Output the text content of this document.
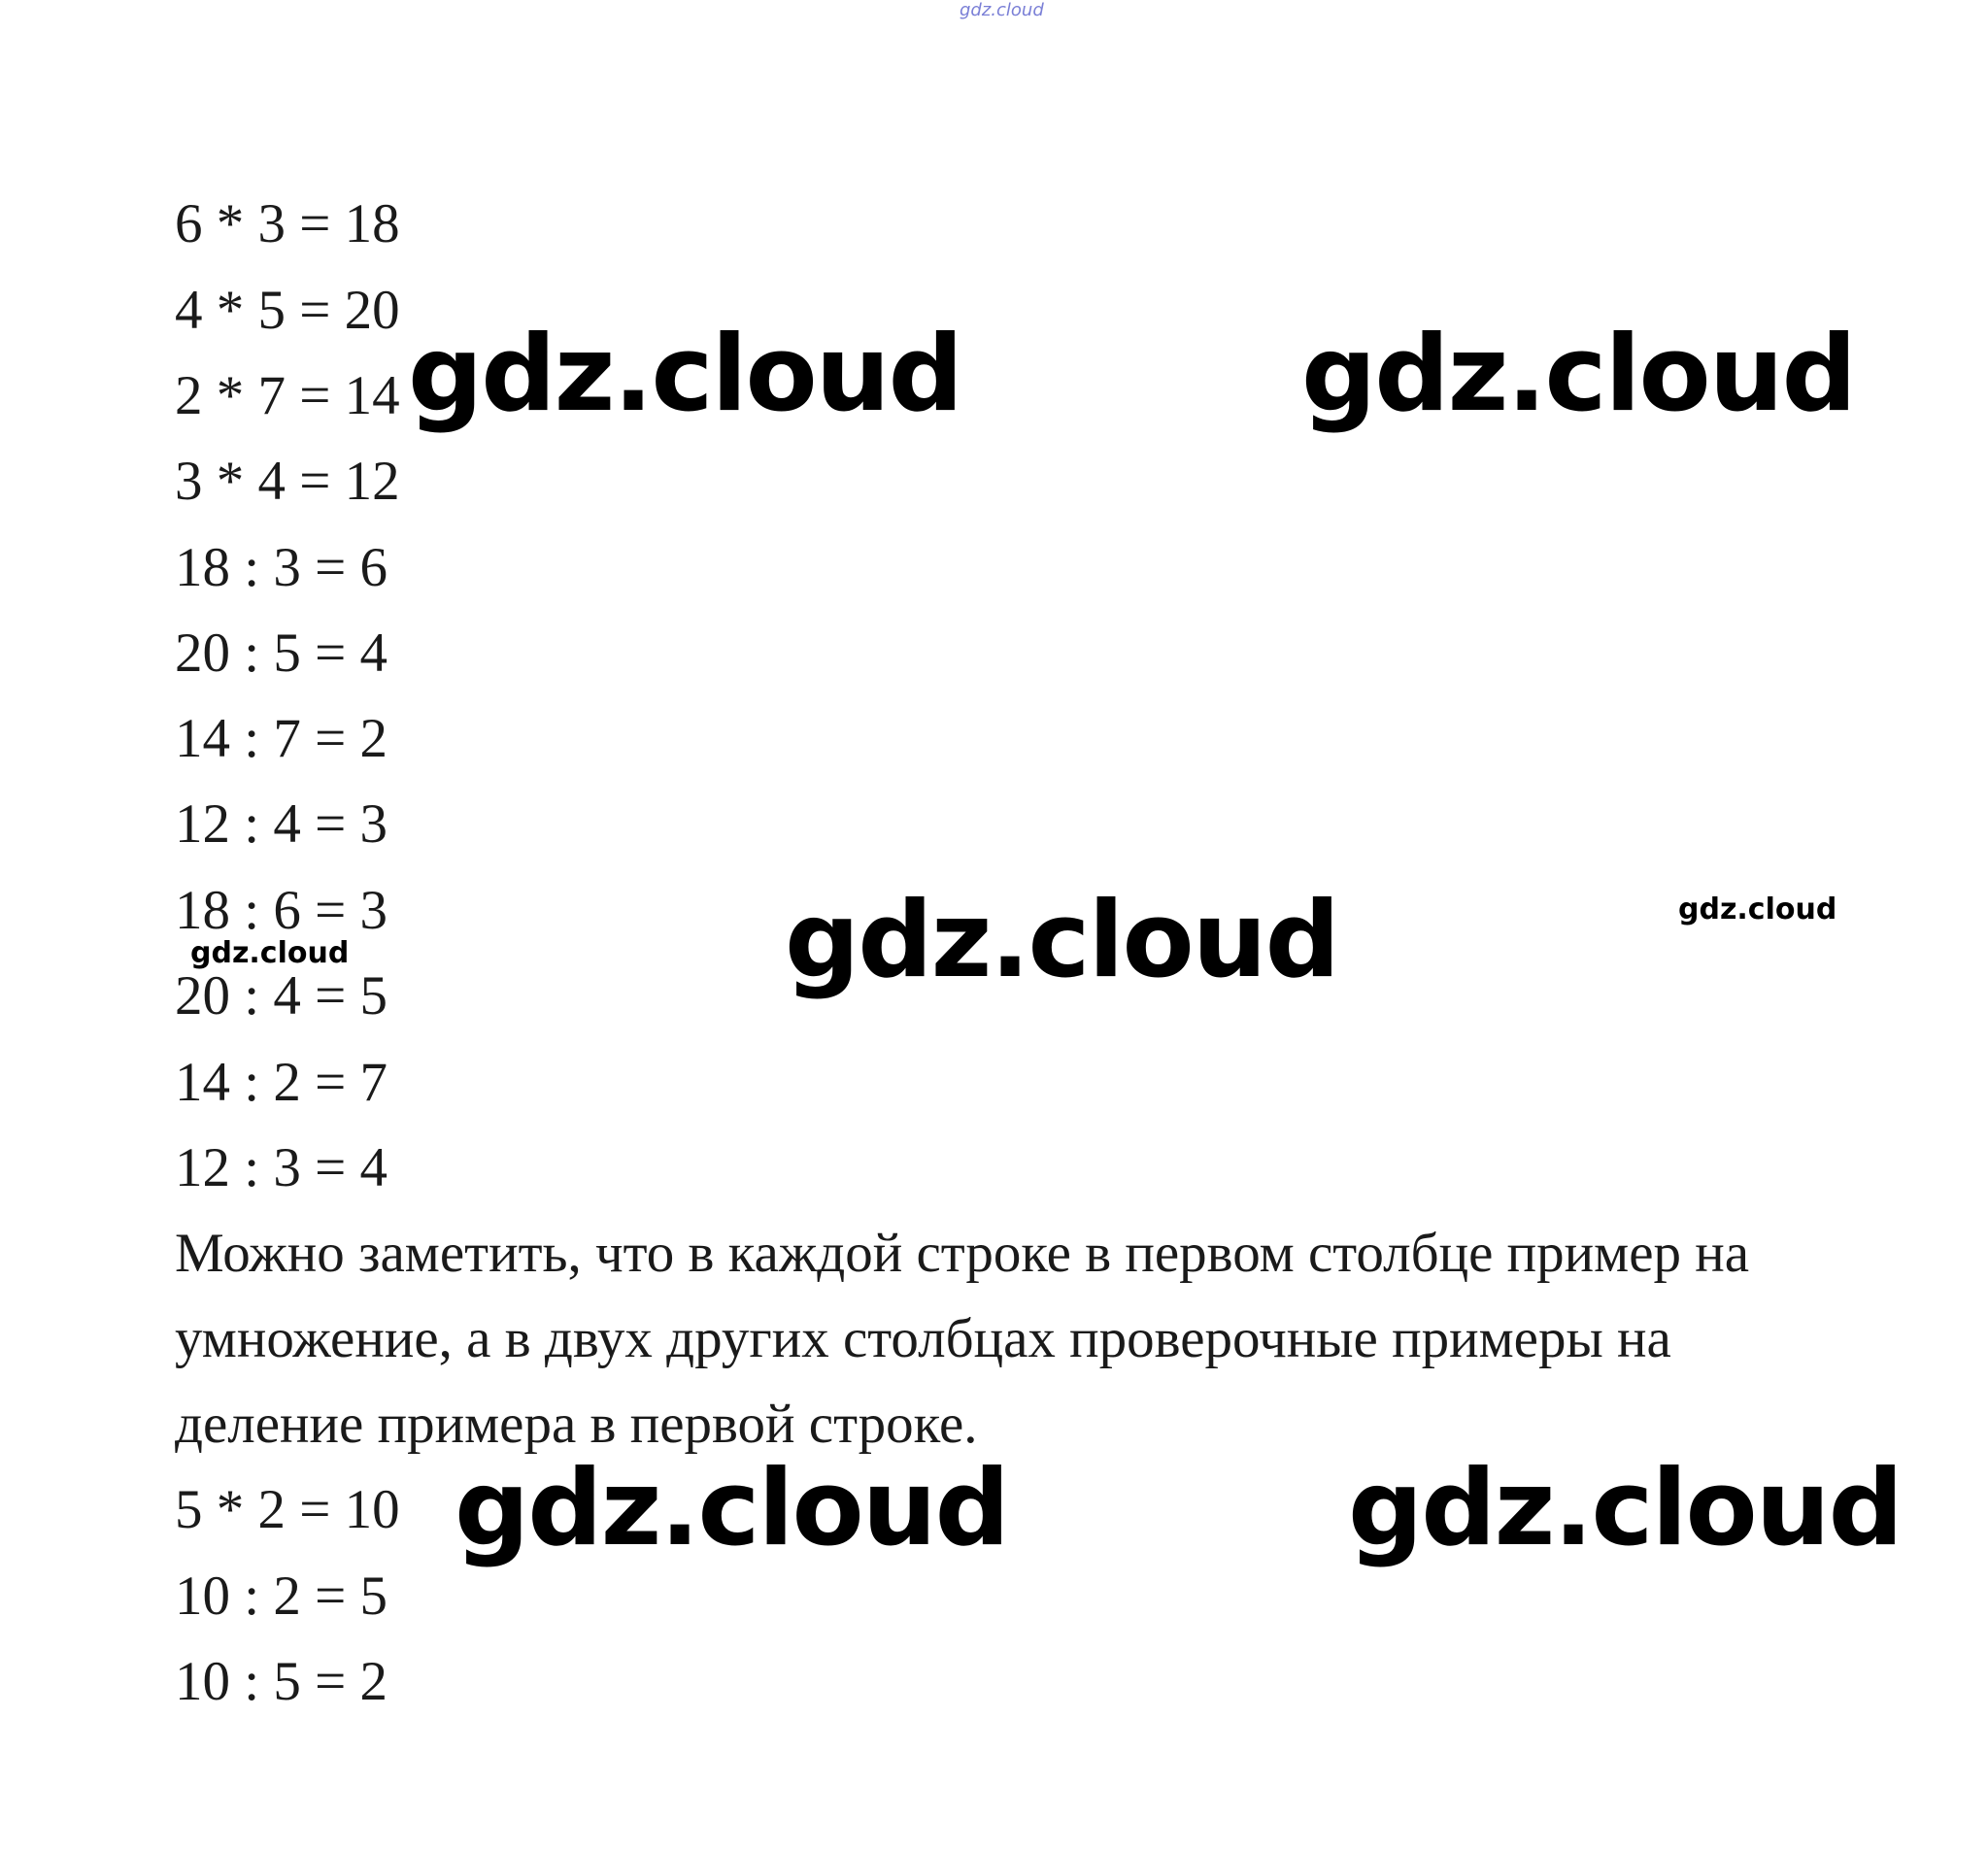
gdz.cloud
6 * 3 = 18
4 * 5 = 20
2 * 7 = 14
3 * 4 = 12
18 : 3 = 6
20 : 5 = 4
14 : 7 = 2
12 : 4 = 3
18 : 6 = 3
20 : 4 = 5
14 : 2 = 7
12 : 3 = 4
Можно заметить, что в каждой строке в первом столбце пример на
умножение, а в двух других столбцах проверочные примеры на
деление примера в первой строке.
5 * 2 = 10
10 : 2 = 5
10 : 5 = 2
gdz.cloud	gdz.cloud
gdz.cloud
gdz.cloud	gdz.cloud
gdz.cloud
gdz.cloud
